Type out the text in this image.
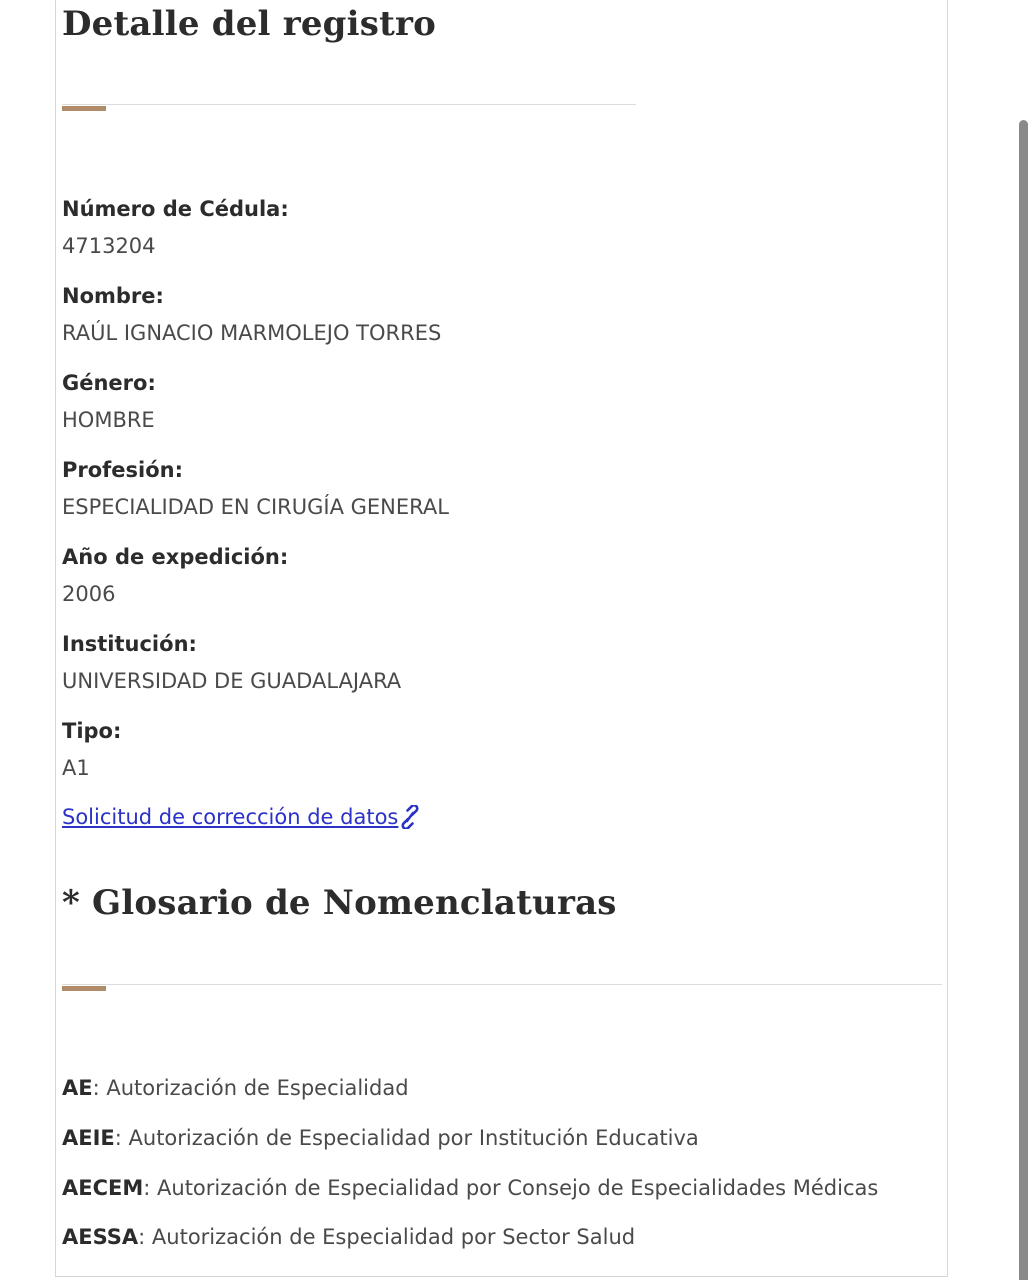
Detalle del registro
Número de Cédula:
4713204
Nombre:
RAÚL IGNACIO MARMOLEJO TORRES
Género:
HOMBRE
Profesión:
ESPECIALIDAD EN CIRUGÍA GENERAL
Año de expedición:
2006
Institución:
UNIVERSIDAD DE GUADALAJARA
Tipo:
A1
Solicitud de corrección de datos
* Glosario de Nomenclaturas
AE: Autorización de Especialidad
AEIE: Autorización de Especialidad por Institución Educativa
AECEM: Autorización de Especialidad por Consejo de Especialidades Médicas
AESSA: Autorización de Especialidad por Sector Salud
